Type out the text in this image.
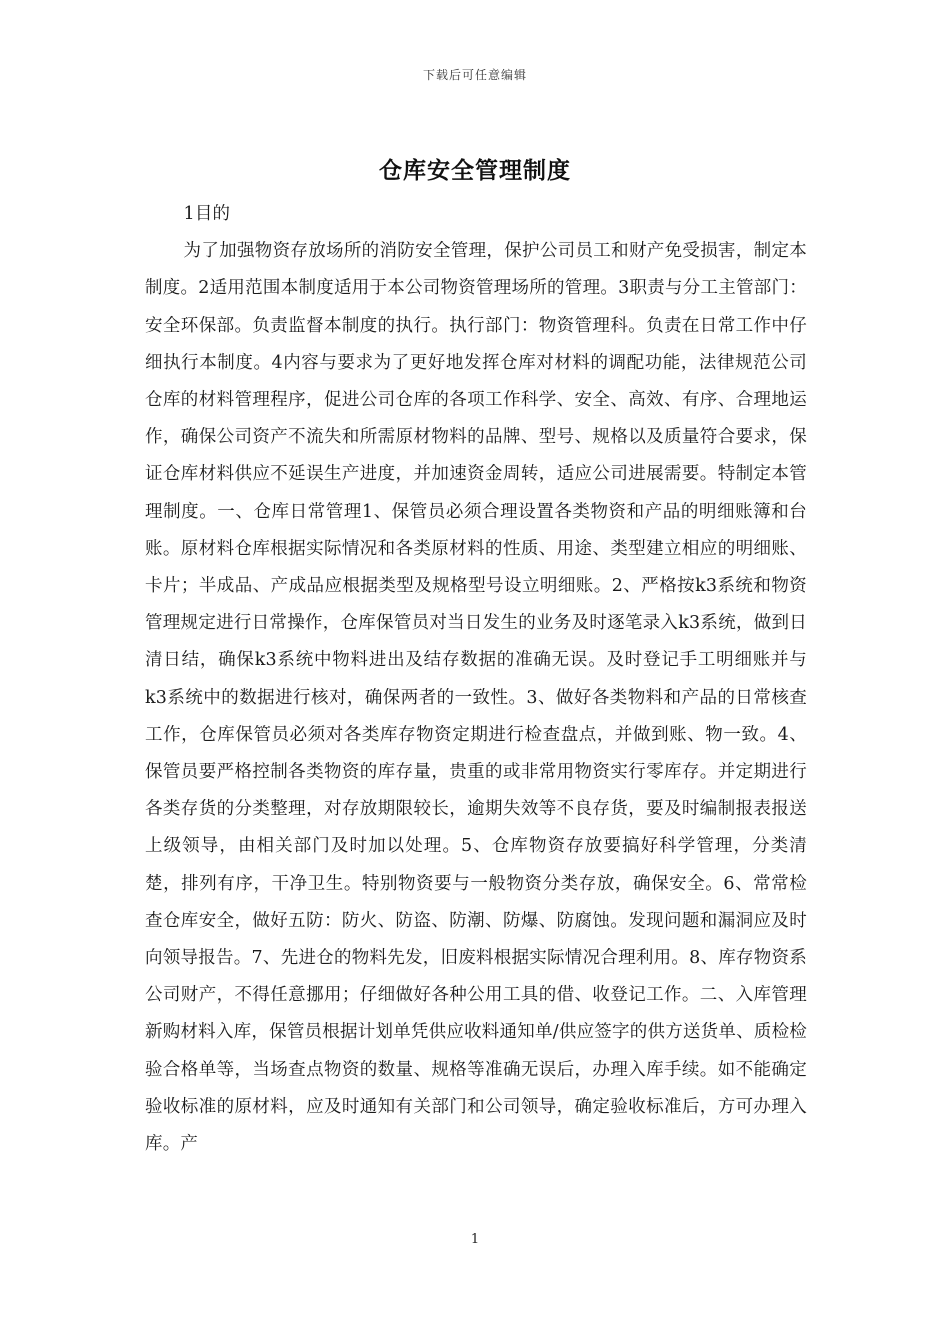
下载后可任意编辑
仓库安全管理制度

1目的

为了加强物资存放场所的消防安全管理，保护公司员工和财产免受损害，制定本制度。2适用范围本制度适用于本公司物资管理场所的管理。3职责与分工主管部门：安全环保部。负责监督本制度的执行。执行部门：物资管理科。负责在日常工作中仔细执行本制度。4内容与要求为了更好地发挥仓库对材料的调配功能，法律规范公司仓库的材料管理程序，促进公司仓库的各项工作科学、安全、高效、有序、合理地运作，确保公司资产不流失和所需原材物料的品牌、型号、规格以及质量符合要求，保证仓库材料供应不延误生产进度，并加速资金周转，适应公司进展需要。特制定本管理制度。一、仓库日常管理1、保管员必须合理设置各类物资和产品的明细账簿和台账。原材料仓库根据实际情况和各类原材料的性质、用途、类型建立相应的明细账、卡片；半成品、产成品应根据类型及规格型号设立明细账。2、严格按k3系统和物资管理规定进行日常操作，仓库保管员对当日发生的业务及时逐笔录入k3系统，做到日清日结，确保k3系统中物料进出及结存数据的准确无误。及时登记手工明细账并与k3系统中的数据进行核对，确保两者的一致性。3、做好各类物料和产品的日常核查工作，仓库保管员必须对各类库存物资定期进行检查盘点，并做到账、物一致。4、保管员要严格控制各类物资的库存量，贵重的或非常用物资实行零库存。并定期进行各类存货的分类整理，对存放期限较长，逾期失效等不良存货，要及时编制报表报送上级领导，由相关部门及时加以处理。5、仓库物资存放要搞好科学管理，分类清楚，排列有序，干净卫生。特别物资要与一般物资分类存放，确保安全。6、常常检查仓库安全，做好五防：防火、防盗、防潮、防爆、防腐蚀。发现问题和漏洞应及时向领导报告。7、先进仓的物料先发，旧废料根据实际情况合理利用。8、库存物资系公司财产，不得任意挪用；仔细做好各种公用工具的借、收登记工作。二、入库管理新购材料入库，保管员根据计划单凭供应收料通知单/供应签字的供方送货单、质检检验合格单等，当场查点物资的数量、规格等准确无误后，办理入库手续。如不能确定验收标准的原材料，应及时通知有关部门和公司领导，确定验收标准后，方可办理入库。产

1
